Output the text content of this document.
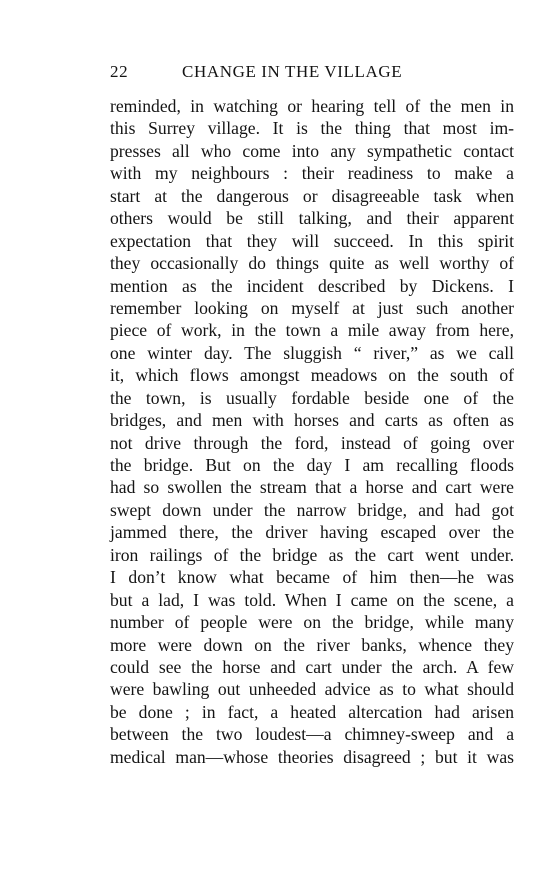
22	CHANGE IN THE VILLAGE
reminded, in watching or hearing tell of the men in
this Surrey village. It is the thing that most im-
presses all who come into any sympathetic contact
with my neighbours : their readiness to make a
start at the dangerous or disagreeable task when
others would be still talking, and their apparent
expectation that they will succeed. In this spirit
they occasionally do things quite as well worthy of
mention as the incident described by Dickens. I
remember looking on myself at just such another
piece of work, in the town a mile away from here,
one winter day. The sluggish “ river,” as we call
it, which flows amongst meadows on the south of
the town, is usually fordable beside one of the
bridges, and men with horses and carts as often as
not drive through the ford, instead of going over
the bridge. But on the day I am recalling floods
had so swollen the stream that a horse and cart were
swept down under the narrow bridge, and had got
jammed there, the driver having escaped over the
iron railings of the bridge as the cart went under.
I don’t know what became of him then—he was
but a lad, I was told. When I came on the scene, a
number of people were on the bridge, while many
more were down on the river banks, whence they
could see the horse and cart under the arch. A few
were bawling out unheeded advice as to what should
be done ; in fact, a heated altercation had arisen
between the two loudest—a chimney-sweep and a
medical man—whose theories disagreed ; but it was
